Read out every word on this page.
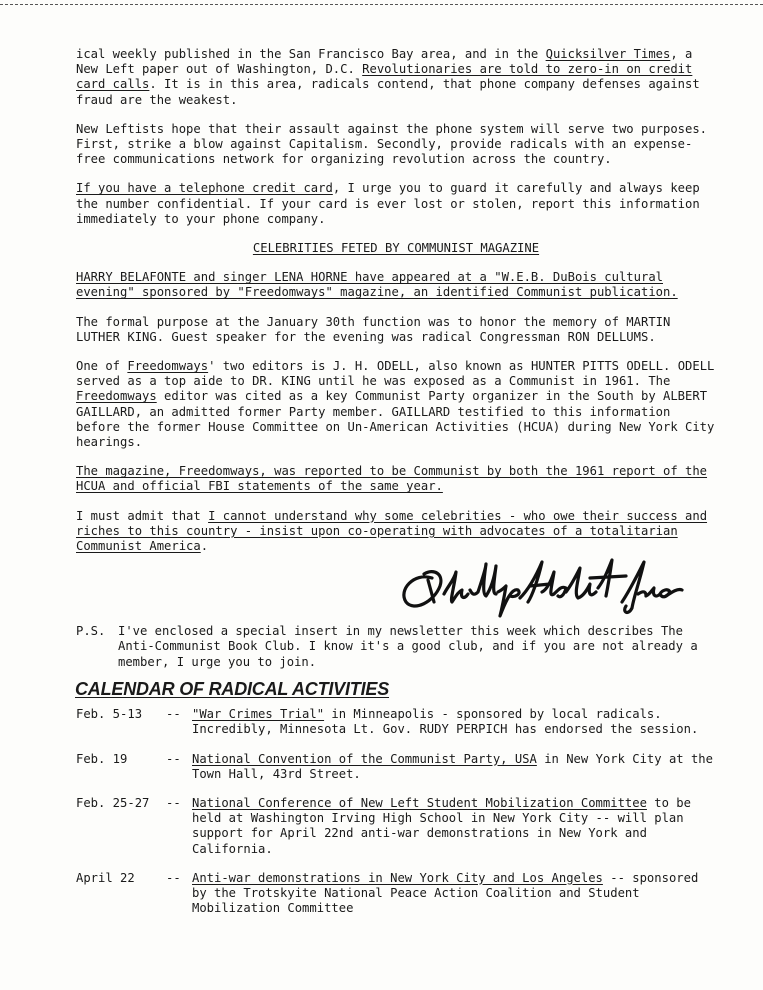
ical weekly published in the San Francisco Bay area, and in the Quicksilver Times, a New Left paper out of Washington, D.C. Revolutionaries are told to zero-in on credit card calls. It is in this area, radicals contend, that phone company defenses against fraud are the weakest.

New Leftists hope that their assault against the phone system will serve two purposes. First, strike a blow against Capitalism. Secondly, provide radicals with an expense-free communications network for organizing revolution across the country.

If you have a telephone credit card, I urge you to guard it carefully and always keep the number confidential. If your card is ever lost or stolen, report this information immediately to your phone company.

CELEBRITIES FETED BY COMMUNIST MAGAZINE

HARRY BELAFONTE and singer LENA HORNE have appeared at a "W.E.B. DuBois cultural evening" sponsored by "Freedomways" magazine, an identified Communist publication.

The formal purpose at the January 30th function was to honor the memory of MARTIN LUTHER KING. Guest speaker for the evening was radical Congressman RON DELLUMS.

One of Freedomways' two editors is J. H. ODELL, also known as HUNTER PITTS ODELL. ODELL served as a top aide to DR. KING until he was exposed as a Communist in 1961. The Freedomways editor was cited as a key Communist Party organizer in the South by ALBERT GAILLARD, an admitted former Party member. GAILLARD testified to this information before the former House Committee on Un-American Activities (HCUA) during New York City hearings.

The magazine, Freedomways, was reported to be Communist by both the 1961 report of the HCUA and official FBI statements of the same year.

I must admit that I cannot understand why some celebrities - who owe their success and riches to this country - insist upon co-operating with advocates of a totalitarian Communist America.

P.S.	I've enclosed a special insert in my newsletter this week which describes The Anti-Communist Book Club. I know it's a good club, and if you are not already a member, I urge you to join.
CALENDAR OF RADICAL ACTIVITIES
Feb. 5-13	-- "War Crimes Trial" in Minneapolis - sponsored by local radicals. Incredibly, Minnesota Lt. Gov. RUDY PERPICH has endorsed the session.
Feb. 19	-- National Convention of the Communist Party, USA in New York City at the Town Hall, 43rd Street.
Feb. 25-27	-- National Conference of New Left Student Mobilization Committee to be held at Washington Irving High School in New York City -- will plan support for April 22nd anti-war demonstrations in New York and California.
April 22	-- Anti-war demonstrations in New York City and Los Angeles -- sponsored by the Trotskyite National Peace Action Coalition and Student Mobilization Committee
